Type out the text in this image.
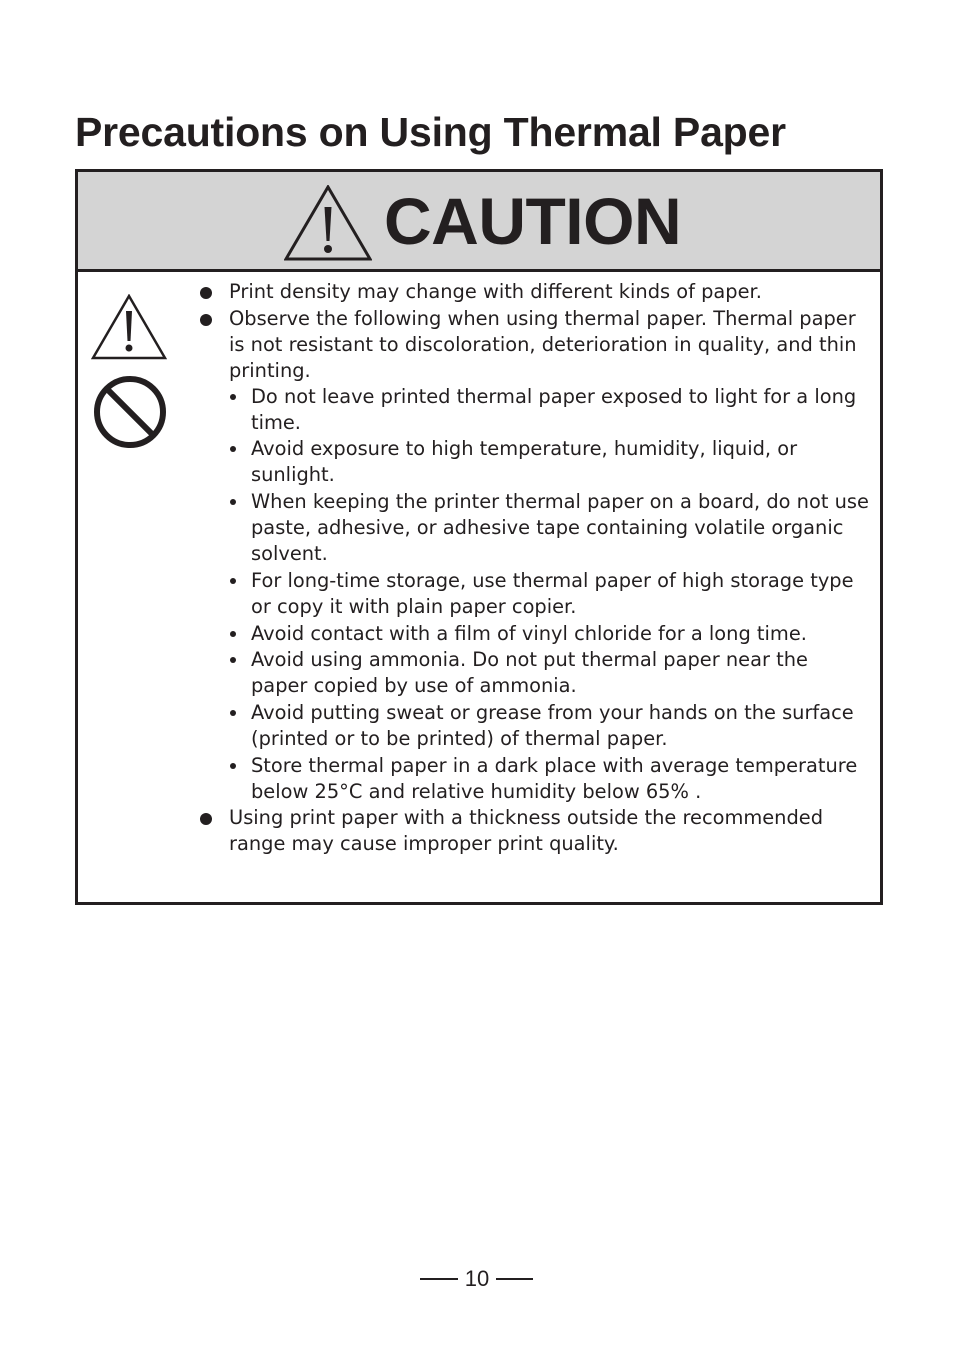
Precautions on Using Thermal Paper
CAUTION
Print density may change with different kinds of paper.
Observe the following when using thermal paper. Thermal paper is not resistant to discoloration, deterioration in quality, and thin printing.
Do not leave printed thermal paper exposed to light for a long time.
Avoid exposure to high temperature, humidity, liquid, or sunlight.
When keeping the printer thermal paper on a board, do not use paste, adhesive, or adhesive tape containing volatile organic solvent.
For long-time storage, use thermal paper of high storage type or copy it with plain paper copier.
Avoid contact with a film of vinyl chloride for a long time.
Avoid using ammonia. Do not put thermal paper near the paper copied by use of ammonia.
Avoid putting sweat or grease from your hands on the surface (printed or to be printed) of thermal paper.
Store thermal paper in a dark place with average temperature below 25°C and relative humidity below 65% .
Using print paper with a thickness outside the recommended range may cause improper print quality.
10
